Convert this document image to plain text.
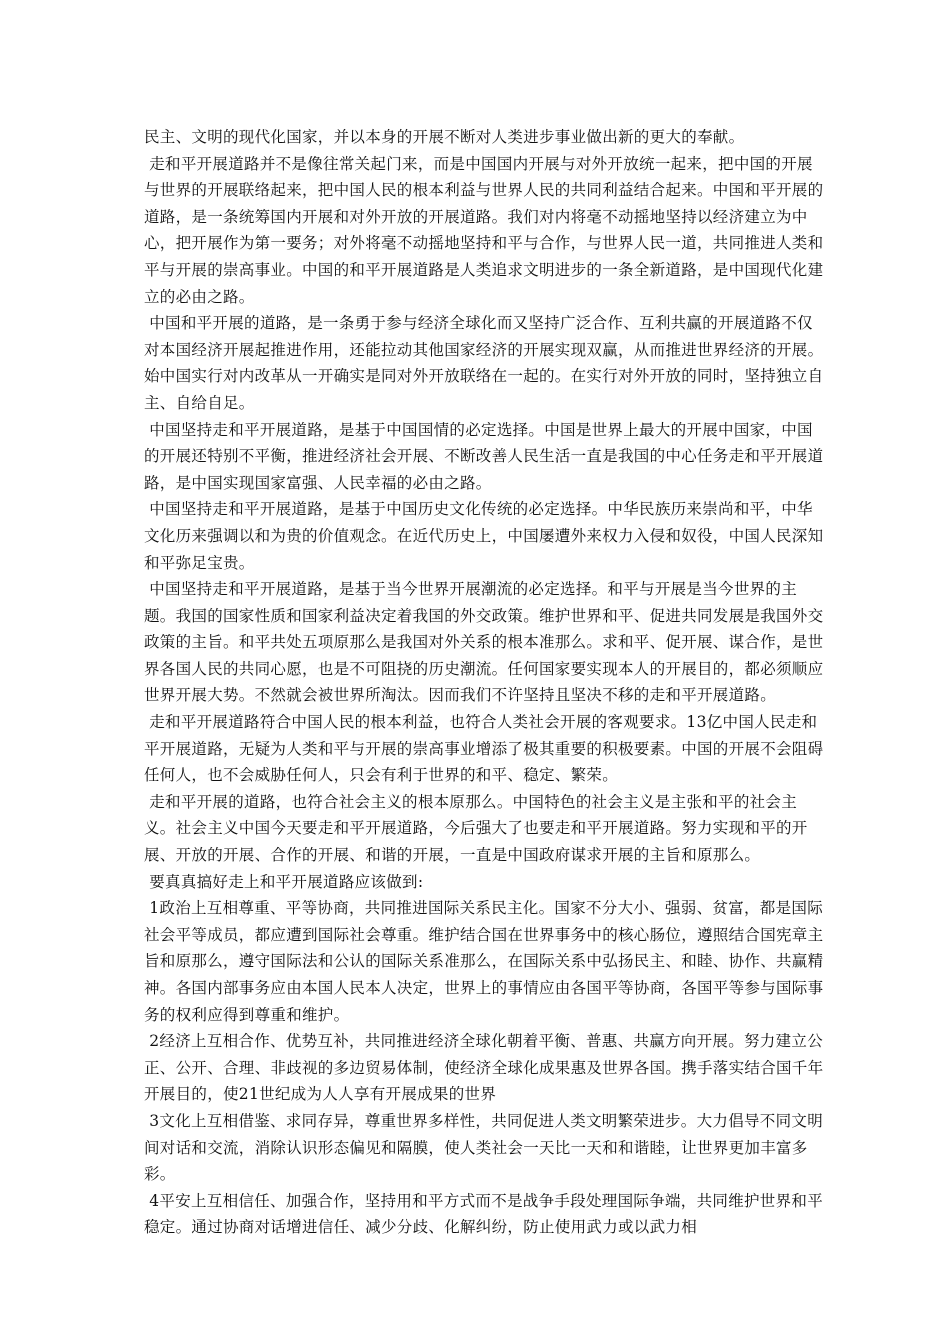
民主、文明的现代化国家，并以本身的开展不断对人类进步事业做出新的更大的奉献。

走和平开展道路并不是像往常关起门来，而是中国国内开展与对外开放统一起来，把中国的开展与世界的开展联络起来，把中国人民的根本利益与世界人民的共同利益结合起来。中国和平开展的道路，是一条统筹国内开展和对外开放的开展道路。我们对内将毫不动摇地坚持以经济建立为中心，把开展作为第一要务；对外将毫不动摇地坚持和平与合作，与世界人民一道，共同推进人类和平与开展的崇高事业。中国的和平开展道路是人类追求文明进步的一条全新道路，是中国现代化建立的必由之路。

中国和平开展的道路，是一条勇于参与经济全球化而又坚持广泛合作、互利共赢的开展道路不仅对本国经济开展起推进作用，还能拉动其他国家经济的开展实现双赢，从而推进世界经济的开展。始中国实行对内改革从一开确实是同对外开放联络在一起的。在实行对外开放的同时，坚持独立自主、自给自足。

中国坚持走和平开展道路，是基于中国国情的必定选择。中国是世界上最大的开展中国家，中国的开展还特别不平衡，推进经济社会开展、不断改善人民生活一直是我国的中心任务走和平开展道路，是中国实现国家富强、人民幸福的必由之路。

中国坚持走和平开展道路，是基于中国历史文化传统的必定选择。中华民族历来崇尚和平，中华文化历来强调以和为贵的价值观念。在近代历史上，中国屡遭外来权力入侵和奴役，中国人民深知和平弥足宝贵。

中国坚持走和平开展道路，是基于当今世界开展潮流的必定选择。和平与开展是当今世界的主题。我国的国家性质和国家利益决定着我国的外交政策。维护世界和平、促进共同发展是我国外交政策的主旨。和平共处五项原那么是我国对外关系的根本准那么。求和平、促开展、谋合作，是世界各国人民的共同心愿，也是不可阻挠的历史潮流。任何国家要实现本人的开展目的，都必须顺应世界开展大势。不然就会被世界所淘汰。因而我们不许坚持且坚决不移的走和平开展道路。

走和平开展道路符合中国人民的根本利益，也符合人类社会开展的客观要求。13亿中国人民走和平开展道路，无疑为人类和平与开展的崇高事业增添了极其重要的积极要素。中国的开展不会阻碍任何人，也不会威胁任何人，只会有利于世界的和平、稳定、繁荣。

走和平开展的道路，也符合社会主义的根本原那么。中国特色的社会主义是主张和平的社会主义。社会主义中国今天要走和平开展道路，今后强大了也要走和平开展道路。努力实现和平的开展、开放的开展、合作的开展、和谐的开展，一直是中国政府谋求开展的主旨和原那么。

要真真搞好走上和平开展道路应该做到:

1政治上互相尊重、平等协商，共同推进国际关系民主化。国家不分大小、强弱、贫富，都是国际社会平等成员，都应遭到国际社会尊重。维护结合国在世界事务中的核心肠位，遵照结合国宪章主旨和原那么，遵守国际法和公认的国际关系准那么，在国际关系中弘扬民主、和睦、协作、共赢精神。各国内部事务应由本国人民本人决定，世界上的事情应由各国平等协商，各国平等参与国际事务的权利应得到尊重和维护。

2经济上互相合作、优势互补，共同推进经济全球化朝着平衡、普惠、共赢方向开展。努力建立公正、公开、合理、非歧视的多边贸易体制，使经济全球化成果惠及世界各国。携手落实结合国千年开展目的，使21世纪成为人人享有开展成果的世界

3文化上互相借鉴、求同存异，尊重世界多样性，共同促进人类文明繁荣进步。大力倡导不同文明间对话和交流，消除认识形态偏见和隔膜，使人类社会一天比一天和和谐睦，让世界更加丰富多彩。

4平安上互相信任、加强合作，坚持用和平方式而不是战争手段处理国际争端，共同维护世界和平稳定。通过协商对话增进信任、减少分歧、化解纠纷，防止使用武力或以武力相
